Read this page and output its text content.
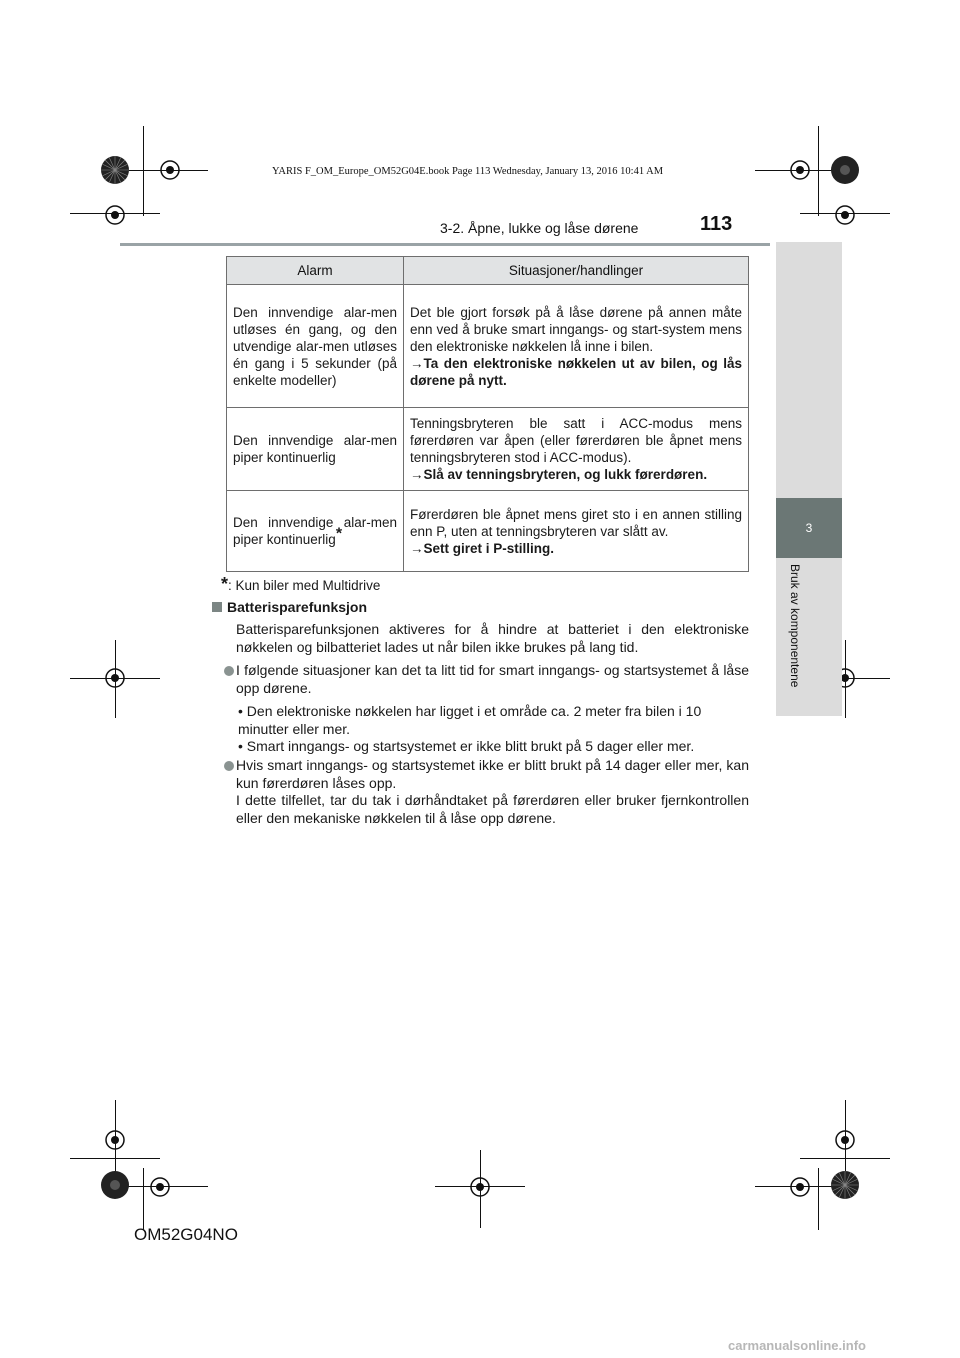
YARIS F_OM_Europe_OM52G04E.book Page 113 Wednesday, January 13, 2016 10:41 AM
3-2. Åpne, lukke og låse dørene	113
3
Bruk av komponentene
Alarm	Situasjoner/handlinger
Den innvendige alar-men utløses én gang, og den utvendige alar-men utløses én gang i 5 sekunder (på enkelte modeller)	Det ble gjort forsøk på å låse dørene på annen måte enn ved å bruke smart inngangs- og start-system mens den elektroniske nøkkelen lå inne i bilen.
→Ta den elektroniske nøkkelen ut av bilen, og lås dørene på nytt.

Den innvendige alar-men piper kontinuerlig	Tenningsbryteren ble satt i ACC-modus mens førerdøren var åpen (eller førerdøren ble åpnet mens tenningsbryteren stod i ACC-modus).
→Slå av tenningsbryteren, og lukk førerdøren.

Den innvendige alar-men piper kontinuerlig*	Førerdøren ble åpnet mens giret sto i en annen stilling enn P, uten at tenningsbryteren var slått av.
→Sett giret i P-stilling.
*: Kun biler med Multidrive
Batterisparefunksjon
Batterisparefunksjonen aktiveres for å hindre at batteriet i den elektroniske nøkkelen og bilbatteriet lades ut når bilen ikke brukes på lang tid.
I følgende situasjoner kan det ta litt tid for smart inngangs- og startsystemet å låse opp dørene.
• Den elektroniske nøkkelen har ligget i et område ca. 2 meter fra bilen i 10 minutter eller mer.
• Smart inngangs- og startsystemet er ikke blitt brukt på 5 dager eller mer.
Hvis smart inngangs- og startsystemet ikke er blitt brukt på 14 dager eller mer, kan kun førerdøren låses opp.
I dette tilfellet, tar du tak i dørhåndtaket på førerdøren eller bruker fjernkontrollen eller den mekaniske nøkkelen til å låse opp dørene.
OM52G04NO
carmanualsonline.info
